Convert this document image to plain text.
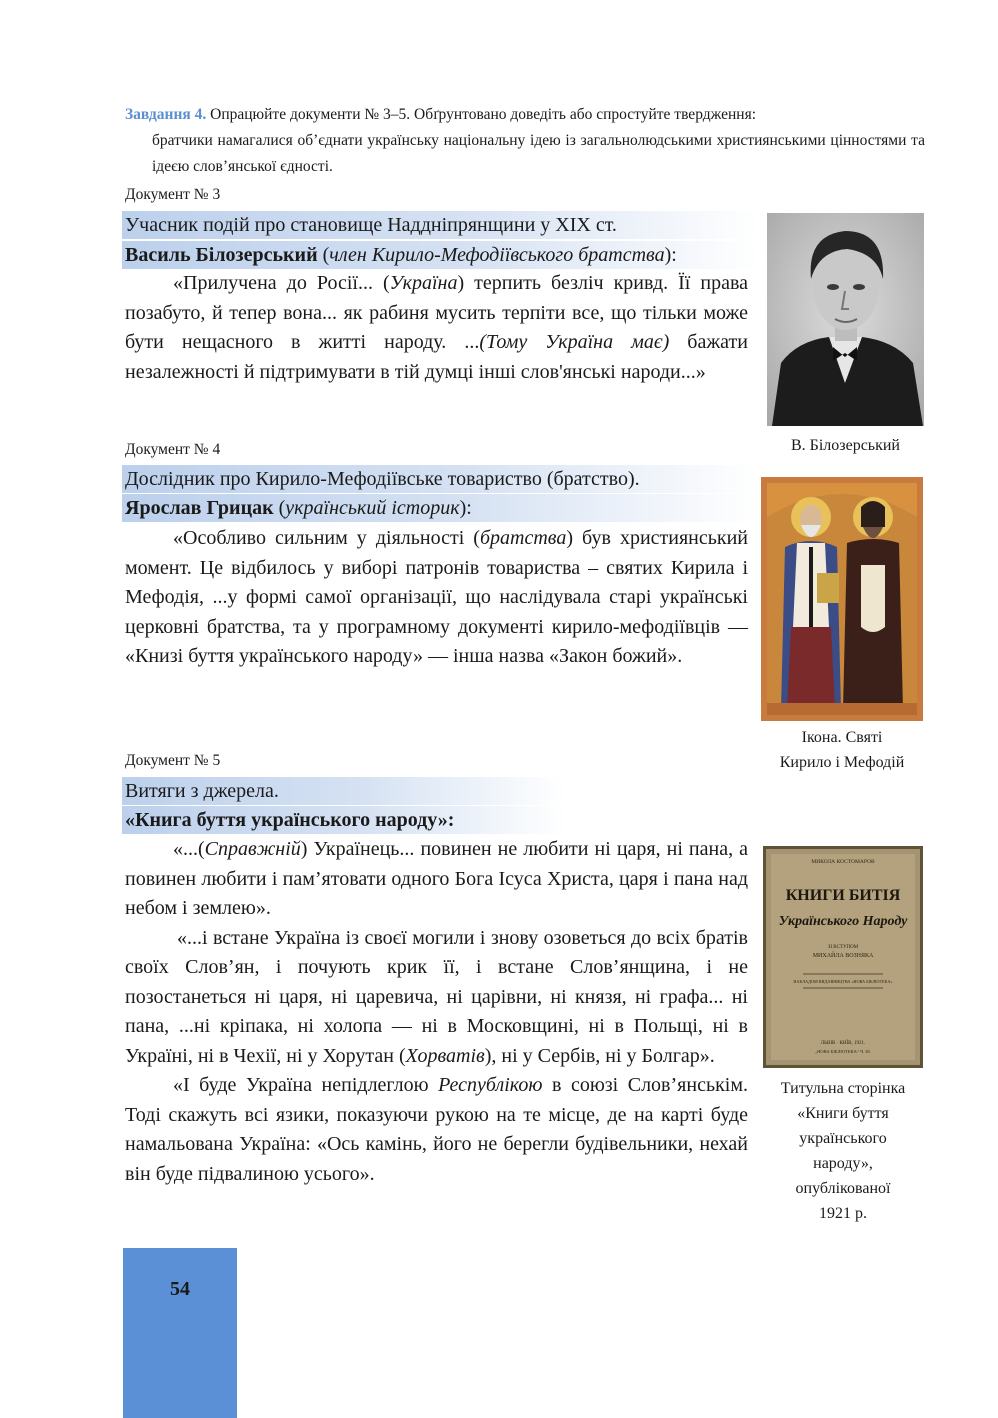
Завдання 4. Опрацюйте документи № 3–5. Обґрунтовано доведіть або спростуйте твердження:
братчики намагалися об’єднати українську національну ідею із загальнолюдськими християнськими цінностями та ідеєю слов’янської єдності.
Документ № 3
Учасник подій про становище Наддніпрянщини у XIX ст.
Василь Білозерський (член Кирило-Мефодіївського братства):

«Прилучена до Росії... (Україна) терпить безліч кривд. Її права позабуто, й тепер вона... як рабиня мусить терпіти все, що тільки може бути нещасного в житті народу. ...(Тому Україна має) бажати незалежності й підтримувати в тій думці інші слов'янські народи...»

В. Білозерський
Документ № 4
Дослідник про Кирило-Мефодіївське товариство (братство).
Ярослав Грицак (український історик):

«Особливо сильним у діяльності (братства) був християнський момент. Це відбилось у виборі патронів товариства – святих Кирила і Мефодія, ...у формі самої організації, що наслідувала старі українські церковні братства, та у програмному документі кирило-мефодіївців — «Книзі буття українського народу» — інша назва «Закон божий».

Ікона. Святі
Кирило і Мефодій
Документ № 5
Витяги з джерела.
«Книга буття українського народу»:

«...(Справжній) Українець... повинен не любити ні царя, ні пана, а повинен любити і пам’ятовати одного Бога Ісуса Христа, царя і пана над небом і землею».

«...і встане Україна із своєї могили і знову озоветься до всіх братів своїх Слов’ян, і почують крик її, і встане Слов’янщина, і не позостанеться ні царя, ні царевича, ні царівни, ні князя, ні графа... ні пана, ...ні кріпака, ні холопа — ні в Московщині, ні в Польщі, ні в Україні, ні в Чехії, ні у Хорутан (Хорватів), ні у Сербів, ні у Болгар».

«І буде Україна непідлеглою Республікою в союзі Слов’янськім. Тоді скажуть всі язики, показуючи рукою на те місце, де на карті буде намальована Україна: «Ось камінь, його не берегли будівельники, нехай він буде підвалиною усього».

МИКОЛА КОСТОМАРОВ
КНИГИ БИТІЯ
Українського Народу
ЗІ ВСТУПОМ
МИХАЙЛА ВОЗНЯКА
НАКЛАДОМ ВИДАВНИЦТВА «НОВА БІБЛІОТЕКА»
ЛЬВІВ · КИЇВ, 1921.
„НОВА БІБЛІОТЕКА“ Ч. 38.
Титульна сторінка
«Книги буття
українського
народу»,
опублікованої
1921 р.
54
